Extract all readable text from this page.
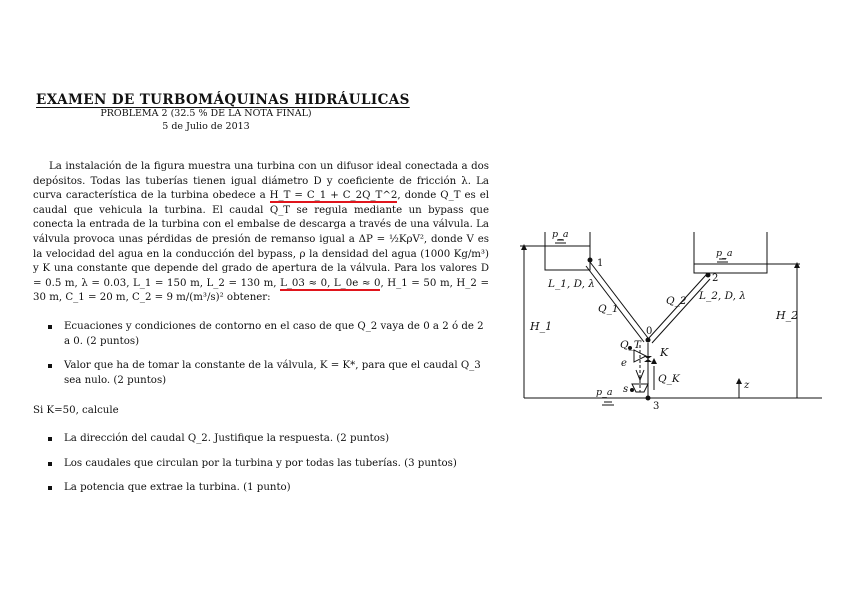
EXAMEN DE TURBOMÁQUINAS HIDRÁULICAS
PROBLEMA 2 (32.5 % DE LA NOTA FINAL)
5 de Julio de 2013

La instalación de la figura muestra una turbina con un difusor ideal conectada a dos depósitos. Todas las tuberías tienen igual diámetro D y coeficiente de fricción λ. La curva característica de la turbina obedece a H_T = C_1 + C_2Q_T^2, donde Q_T es el caudal que vehicula la turbina. El caudal Q_T se regula mediante un bypass que conecta la entrada de la turbina con el embalse de descarga a través de una válvula. La válvula provoca unas pérdidas de presión de remanso igual a ΔP = ½KρV², donde V es la velocidad del agua en la conducción del bypass, ρ la densidad del agua (1000 Kg/m³) y K una constante que depende del grado de apertura de la válvula. Para los valores D = 0.5 m, λ = 0.03, L_1 = 150 m, L_2 = 130 m, L_03 ≈ 0, L_0e ≈ 0, H_1 = 50 m, H_2 = 30 m, C_1 = 20 m, C_2 = 9 m/(m³/s)² obtener:

Ecuaciones y condiciones de contorno en el caso de que Q_2 vaya de 0 a 2 ó de 2 a 0. (2 puntos)
Valor que ha de tomar la constante de la válvula, K = K*, para que el caudal Q_3 sea nulo. (2 puntos)
Si K=50, calcule
La dirección del caudal Q_2. Justifique la respuesta. (2 puntos)
Los caudales que circulan por la turbina y por todas las tuberías. (3 puntos)
La potencia que extrae la turbina. (1 punto)
p_a
p_a
p_a
1
2
0
3
e
s
L_1, D, λ
L_2, D, λ
Q_1
Q_2
Q_T
Q_K
K
H_1
H_2
z
